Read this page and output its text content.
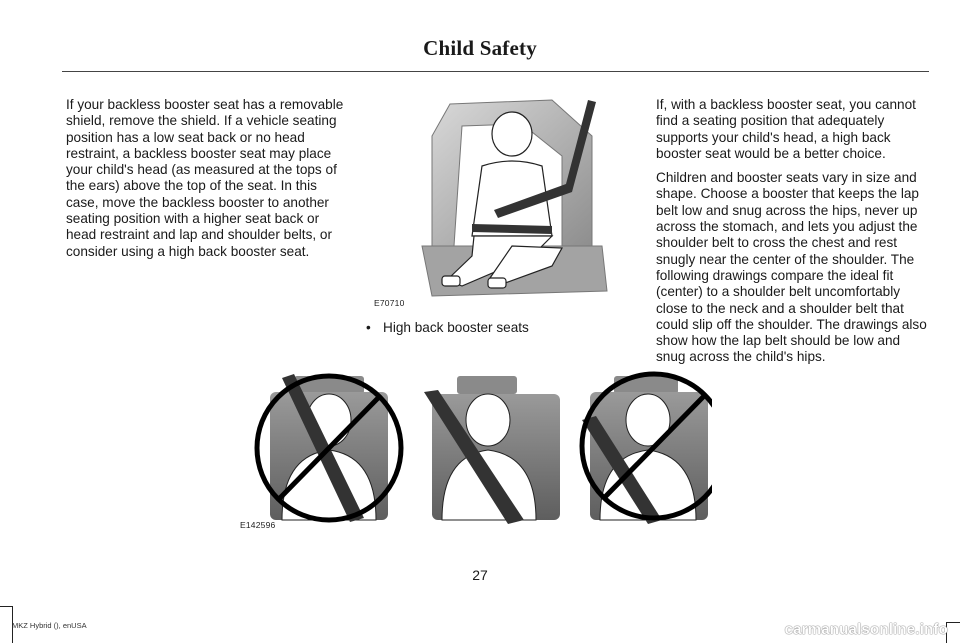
Child Safety

If your backless booster seat has a removable shield, remove the shield. If a vehicle seating position has a low seat back or no head restraint, a backless booster seat may place your child's head (as measured at the tops of the ears) above the top of the seat. In this case, move the backless booster to another seating position with a higher seat back or head restraint and lap and shoulder belts, or consider using a high back booster seat.

E70710
• High back booster seats

If, with a backless booster seat, you cannot find a seating position that adequately supports your child's head, a high back booster seat would be a better choice.

Children and booster seats vary in size and shape. Choose a booster that keeps the lap belt low and snug across the hips, never up across the stomach, and lets you adjust the shoulder belt to cross the chest and rest snugly near the center of the shoulder. The following drawings compare the ideal fit (center) to a shoulder belt uncomfortably close to the neck and a shoulder belt that could slip off the shoulder. The drawings also show how the lap belt should be low and snug across the child's hips.

E142596
27
MKZ Hybrid (), enUSA	carmanualsonline.info
